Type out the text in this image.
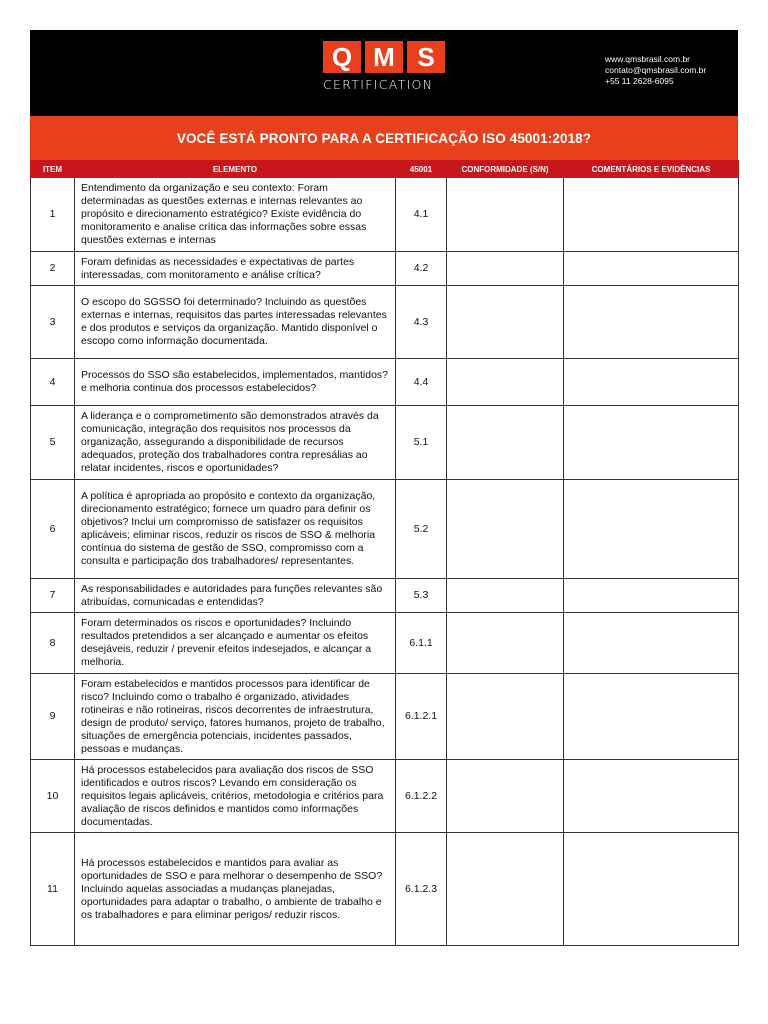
Q M S
CERTIFICATION
www.qmsbrasil.com.br
contato@qmsbrasil.com.br
+55 11 2628-6095
VOCÊ ESTÁ PRONTO PARA A CERTIFICAÇÃO ISO 45001:2018?
ITEM	ELEMENTO	45001	CONFORMIDADE (S/N)	COMENTÁRIOS E EVIDÊNCIAS
1	Entendimento da organização e seu contexto: Foram determinadas as questões externas e internas relevantes ao propósito e direcionamento estratégico? Existe evidência do monitoramento e analise crítica das informações sobre essas questões externas e internas	4.1		
2	Foram definidas as necessidades e expectativas de partes interessadas, com monitoramento e análise crítica?	4.2		
3	O escopo do SGSSO foi determinado? Incluindo as questões externas e internas, requisitos das partes interessadas relevantes e dos produtos e serviços da organização. Mantido disponível o escopo como informação documentada.	4.3		
4	Processos do SSO são estabelecidos, implementados, mantidos? e melhoria continua dos processos estabelecidos?	4.4		
5	A liderança e o comprometimento são demonstrados através da comunicação, integração dos requisitos nos processos da organização, assegurando a disponibilidade de recursos adequados, proteção dos trabalhadores contra represálias ao relatar incidentes, riscos e oportunidades?	5.1		
6	A política é apropriada ao propósito e contexto da organização, direcionamento estratégico; fornece um quadro para definir os objetivos? Inclui um compromisso de satisfazer os requisitos aplicáveis; eliminar riscos, reduzir os riscos de SSO & melhoria contínua do sistema de gestão de SSO, compromisso com a consulta e participação dos trabalhadores/ representantes.	5.2		
7	As responsabilidades e autoridades para funções relevantes são atribuídas, comunicadas e entendidas?	5.3		
8	Foram determinados os riscos e oportunidades? Incluindo resultados pretendidos a ser alcançado e aumentar os efeitos desejáveis, reduzir / prevenir efeitos indesejados, e alcançar a melhoria.	6.1.1		
9	Foram estabelecidos e mantidos processos para identificar de risco? Incluindo como o trabalho é organizado, atividades rotineiras e não rotineiras, riscos decorrentes de infraestrutura, design de produto/ serviço, fatores humanos, projeto de trabalho, situações de emergência potenciais, incidentes passados, pessoas e mudanças.	6.1.2.1		
10	Há processos estabelecidos para avaliação dos riscos de SSO identificados e outros riscos? Levando em consideração os requisitos legais aplicáveis, critérios, metodologia e critérios para avaliação de riscos definidos e mantidos como informações documentadas.	6.1.2.2		
11	Há processos estabelecidos e mantidos para avaliar as oportunidades de SSO e para melhorar o desempenho de SSO? Incluindo aquelas associadas a mudanças planejadas, oportunidades para adaptar o trabalho, o ambiente de trabalho e os trabalhadores e para eliminar perigos/ reduzir riscos.	6.1.2.3		
